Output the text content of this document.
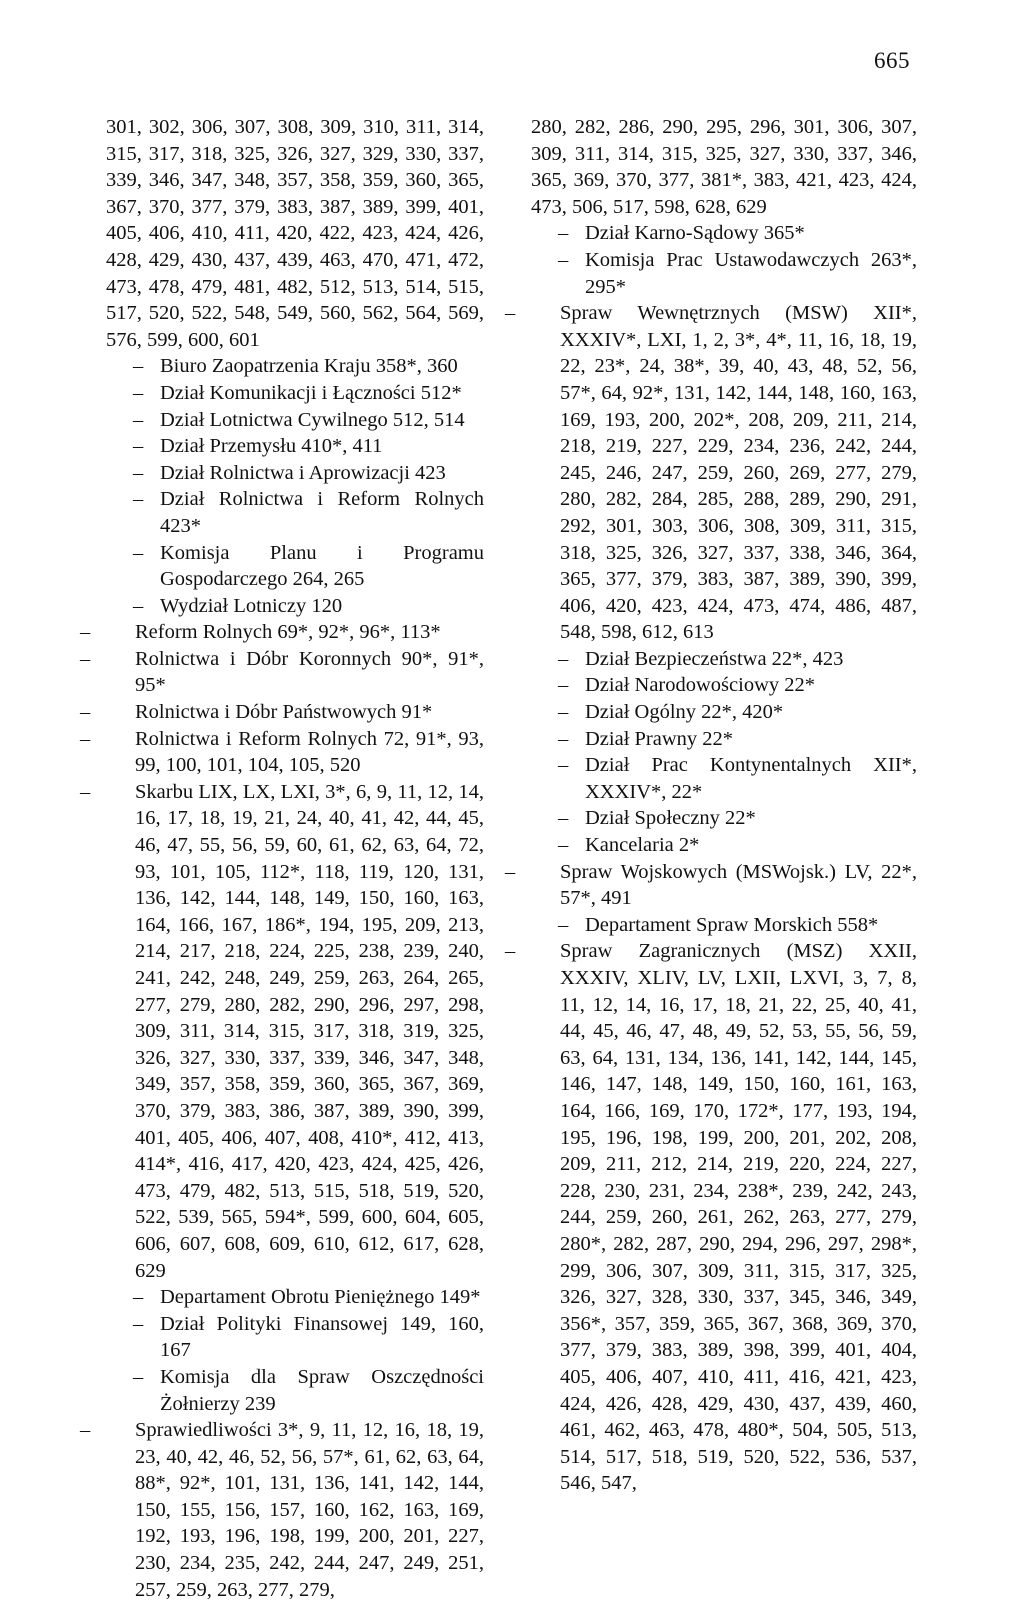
665
301, 302, 306, 307, 308, 309, 310, 311, 314, 315, 317, 318, 325, 326, 327, 329, 330, 337, 339, 346, 347, 348, 357, 358, 359, 360, 365, 367, 370, 377, 379, 383, 387, 389, 399, 401, 405, 406, 410, 411, 420, 422, 423, 424, 426, 428, 429, 430, 437, 439, 463, 470, 471, 472, 473, 478, 479, 481, 482, 512, 513, 514, 515, 517, 520, 522, 548, 549, 560, 562, 564, 569, 576, 599, 600, 601
– Biuro Zaopatrzenia Kraju 358*, 360
– Dział Komunikacji i Łączności 512*
– Dział Lotnictwa Cywilnego 512, 514
– Dział Przemysłu 410*, 411
– Dział Rolnictwa i Aprowizacji 423
– Dział Rolnictwa i Reform Rolnych 423*
– Komisja Planu i Programu Gospodarczego 264, 265
– Wydział Lotniczy 120
– Reform Rolnych 69*, 92*, 96*, 113*
– Rolnictwa i Dóbr Koronnych 90*, 91*, 95*
– Rolnictwa i Dóbr Państwowych 91*
– Rolnictwa i Reform Rolnych 72, 91*, 93, 99, 100, 101, 104, 105, 520
– Skarbu LIX, LX, LXI, 3*, 6, 9, 11, 12, 14, 16, 17, 18, 19, 21, 24, 40, 41, 42, 44, 45, 46, 47, 55, 56, 59, 60, 61, 62, 63, 64, 72, 93, 101, 105, 112*, 118, 119, 120, 131, 136, 142, 144, 148, 149, 150, 160, 163, 164, 166, 167, 186*, 194, 195, 209, 213, 214, 217, 218, 224, 225, 238, 239, 240, 241, 242, 248, 249, 259, 263, 264, 265, 277, 279, 280, 282, 290, 296, 297, 298, 309, 311, 314, 315, 317, 318, 319, 325, 326, 327, 330, 337, 339, 346, 347, 348, 349, 357, 358, 359, 360, 365, 367, 369, 370, 379, 383, 386, 387, 389, 390, 399, 401, 405, 406, 407, 408, 410*, 412, 413, 414*, 416, 417, 420, 423, 424, 425, 426, 473, 479, 482, 513, 515, 518, 519, 520, 522, 539, 565, 594*, 599, 600, 604, 605, 606, 607, 608, 609, 610, 612, 617, 628, 629
– Departament Obrotu Pieniężnego 149*
– Dział Polityki Finansowej 149, 160, 167
– Komisja dla Spraw Oszczędności Żołnierzy 239
– Sprawiedliwości 3*, 9, 11, 12, 16, 18, 19, 23, 40, 42, 46, 52, 56, 57*, 61, 62, 63, 64, 88*, 92*, 101, 131, 136, 141, 142, 144, 150, 155, 156, 157, 160, 162, 163, 169, 192, 193, 196, 198, 199, 200, 201, 227, 230, 234, 235, 242, 244, 247, 249, 251, 257, 259, 263, 277, 279,
280, 282, 286, 290, 295, 296, 301, 306, 307, 309, 311, 314, 315, 325, 327, 330, 337, 346, 365, 369, 370, 377, 381*, 383, 421, 423, 424, 473, 506, 517, 598, 628, 629
– Dział Karno-Sądowy 365*
– Komisja Prac Ustawodawczych 263*, 295*
– Spraw Wewnętrznych (MSW) XII*, XXXIV*, LXI, 1, 2, 3*, 4*, 11, 16, 18, 19, 22, 23*, 24, 38*, 39, 40, 43, 48, 52, 56, 57*, 64, 92*, 131, 142, 144, 148, 160, 163, 169, 193, 200, 202*, 208, 209, 211, 214, 218, 219, 227, 229, 234, 236, 242, 244, 245, 246, 247, 259, 260, 269, 277, 279, 280, 282, 284, 285, 288, 289, 290, 291, 292, 301, 303, 306, 308, 309, 311, 315, 318, 325, 326, 327, 337, 338, 346, 364, 365, 377, 379, 383, 387, 389, 390, 399, 406, 420, 423, 424, 473, 474, 486, 487, 548, 598, 612, 613
– Dział Bezpieczeństwa 22*, 423
– Dział Narodowościowy 22*
– Dział Ogólny 22*, 420*
– Dział Prawny 22*
– Dział Prac Kontynentalnych XII*, XXXIV*, 22*
– Dział Społeczny 22*
– Kancelaria 2*
– Spraw Wojskowych (MSWojsk.) LV, 22*, 57*, 491
– Departament Spraw Morskich 558*
– Spraw Zagranicznych (MSZ) XXII, XXXIV, XLIV, LV, LXII, LXVI, 3, 7, 8, 11, 12, 14, 16, 17, 18, 21, 22, 25, 40, 41, 44, 45, 46, 47, 48, 49, 52, 53, 55, 56, 59, 63, 64, 131, 134, 136, 141, 142, 144, 145, 146, 147, 148, 149, 150, 160, 161, 163, 164, 166, 169, 170, 172*, 177, 193, 194, 195, 196, 198, 199, 200, 201, 202, 208, 209, 211, 212, 214, 219, 220, 224, 227, 228, 230, 231, 234, 238*, 239, 242, 243, 244, 259, 260, 261, 262, 263, 277, 279, 280*, 282, 287, 290, 294, 296, 297, 298*, 299, 306, 307, 309, 311, 315, 317, 325, 326, 327, 328, 330, 337, 345, 346, 349, 356*, 357, 359, 365, 367, 368, 369, 370, 377, 379, 383, 389, 398, 399, 401, 404, 405, 406, 407, 410, 411, 416, 421, 423, 424, 426, 428, 429, 430, 437, 439, 460, 461, 462, 463, 478, 480*, 504, 505, 513, 514, 517, 518, 519, 520, 522, 536, 537, 546, 547,
